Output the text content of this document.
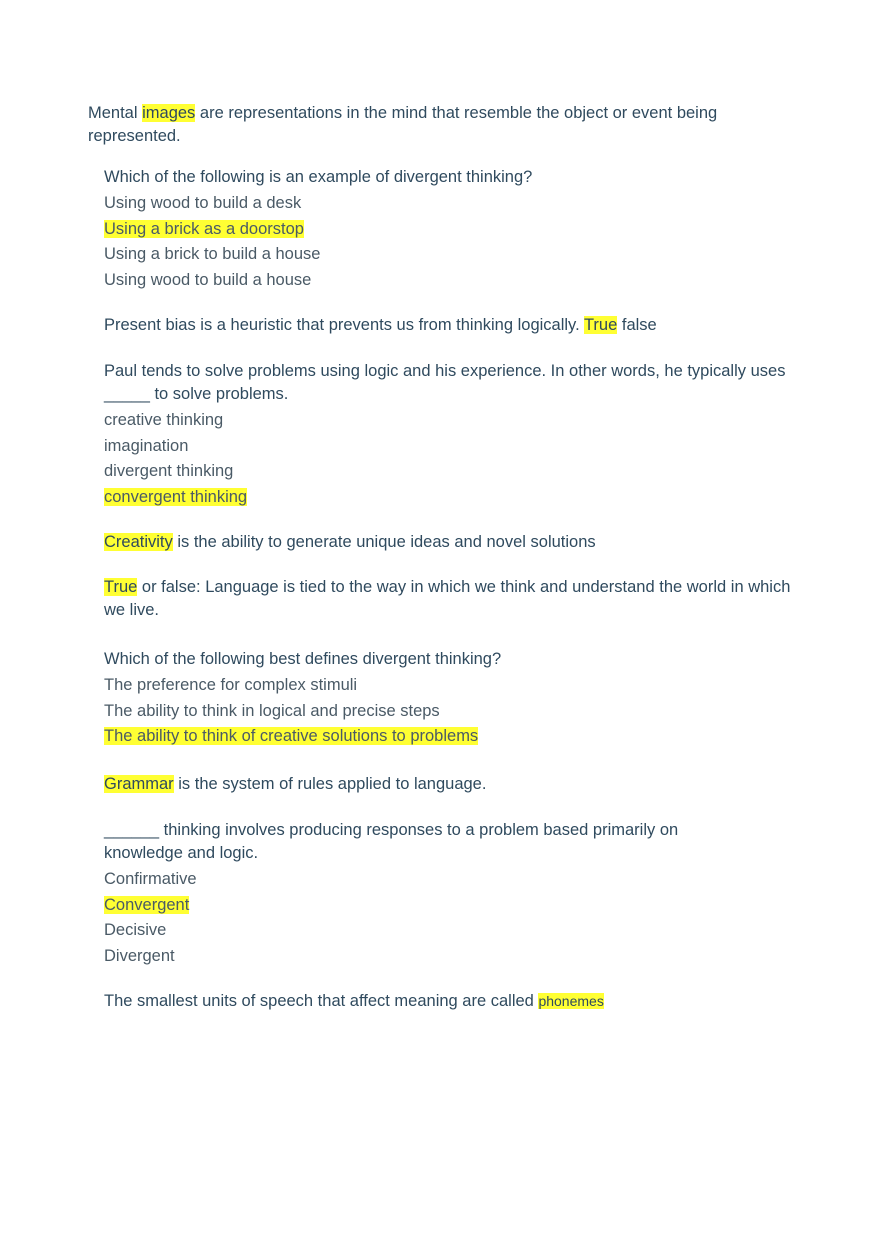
Mental images are representations in the mind that resemble the object or event being represented.

Which of the following is an example of divergent thinking?
Using wood to build a desk
Using a brick as a doorstop
Using a brick to build a house
Using wood to build a house

Present bias is a heuristic that prevents us from thinking logically. True false

Paul tends to solve problems using logic and his experience. In other words, he typically uses _____ to solve problems.
creative thinking
imagination
divergent thinking
convergent thinking

Creativity is the ability to generate unique ideas and novel solutions

True or false: Language is tied to the way in which we think and understand the world in which we live.

Which of the following best defines divergent thinking?
The preference for complex stimuli
The ability to think in logical and precise steps
The ability to think of creative solutions to problems

Grammar is the system of rules applied to language.

______ thinking involves producing responses to a problem based primarily on knowledge and logic.
Confirmative
Convergent
Decisive
Divergent

The smallest units of speech that affect meaning are called phonemes
